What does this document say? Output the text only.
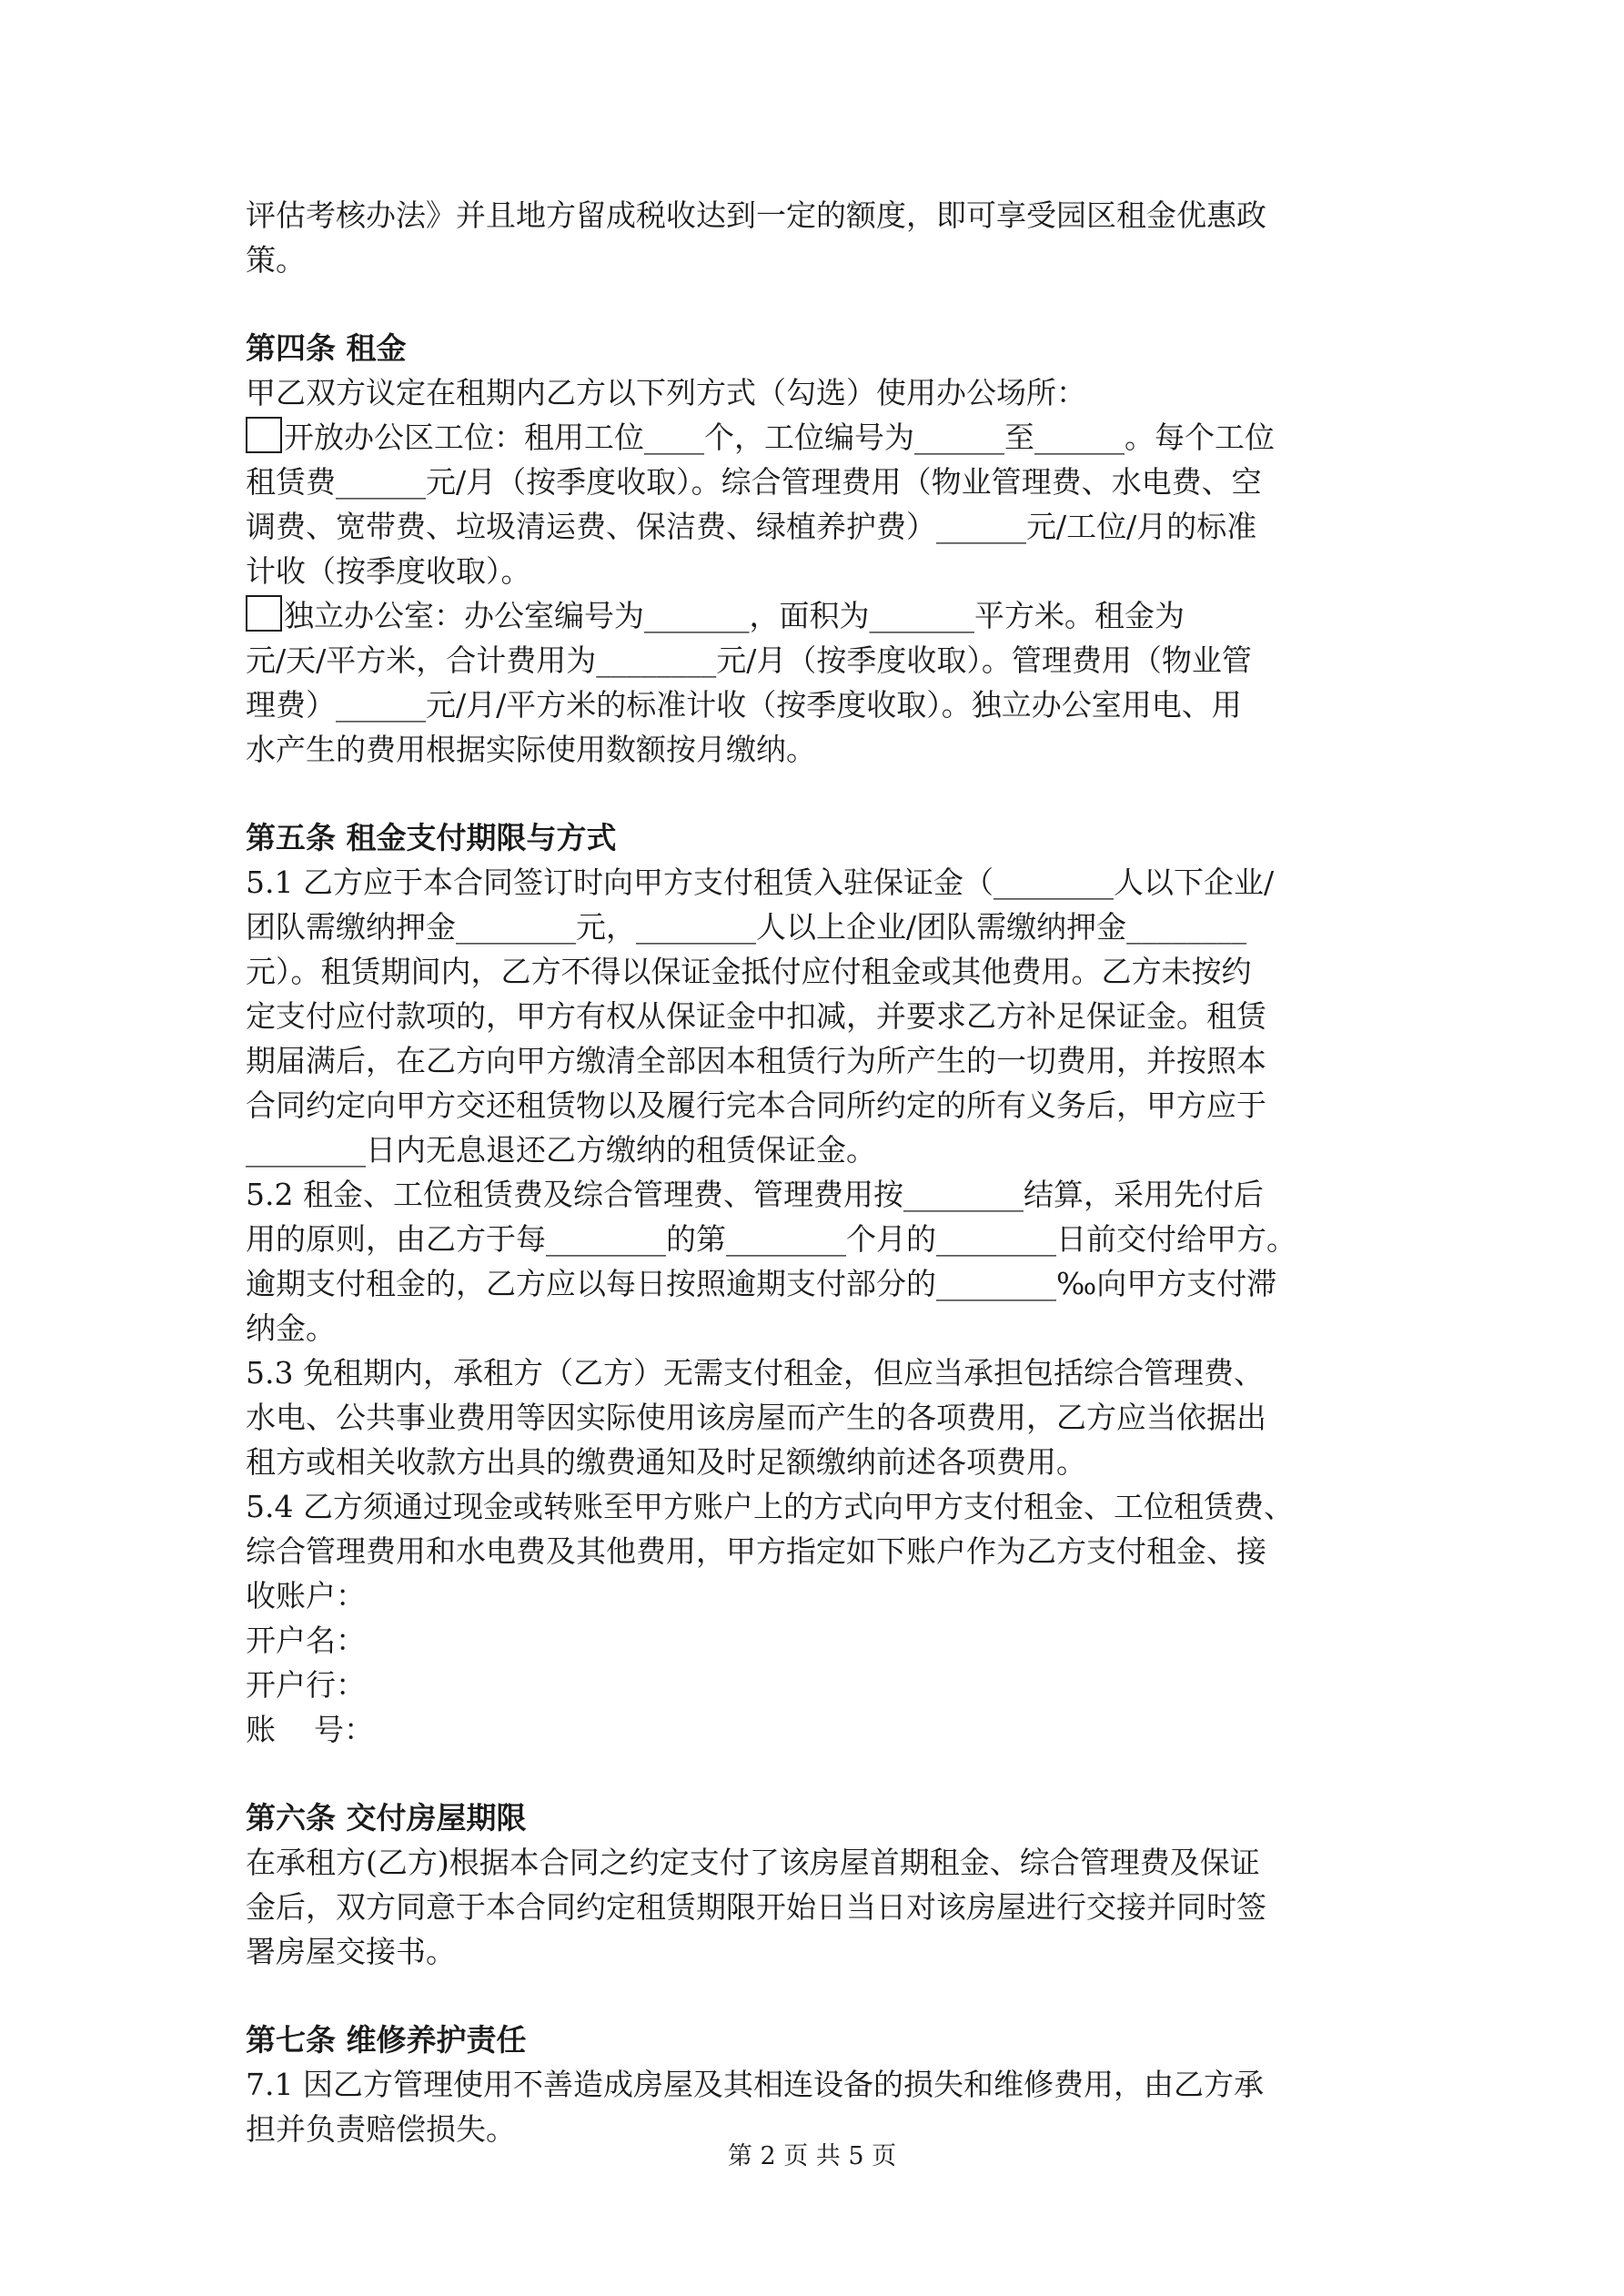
评估考核办法》并且地方留成税收达到一定的额度，即可享受园区租金优惠政

策。

第四条 租金

甲乙双方议定在租期内乙方以下列方式（勾选）使用办公场所：

开放办公区工位：租用工位____个，工位编号为______至______。每个工位

租赁费______元/月（按季度收取）。综合管理费用（物业管理费、水电费、空

调费、宽带费、垃圾清运费、保洁费、绿植养护费）______元/工位/月的标准

计收（按季度收取）。

独立办公室：办公室编号为_______，面积为_______平方米。租金为

元/天/平方米，合计费用为________元/月（按季度收取）。管理费用（物业管

理费）______元/月/平方米的标准计收（按季度收取）。独立办公室用电、用

水产生的费用根据实际使用数额按月缴纳。

第五条 租金支付期限与方式

5.1 乙方应于本合同签订时向甲方支付租赁入驻保证金（________人以下企业/

团队需缴纳押金________元，________人以上企业/团队需缴纳押金________

元）。租赁期间内，乙方不得以保证金抵付应付租金或其他费用。乙方未按约

定支付应付款项的，甲方有权从保证金中扣减，并要求乙方补足保证金。租赁

期届满后，在乙方向甲方缴清全部因本租赁行为所产生的一切费用，并按照本

合同约定向甲方交还租赁物以及履行完本合同所约定的所有义务后，甲方应于

________日内无息退还乙方缴纳的租赁保证金。

5.2 租金、工位租赁费及综合管理费、管理费用按________结算，采用先付后

用的原则，由乙方于每________的第________个月的________日前交付给甲方。

逾期支付租金的，乙方应以每日按照逾期支付部分的________‰向甲方支付滞

纳金。

5.3 免租期内，承租方（乙方）无需支付租金，但应当承担包括综合管理费、

水电、公共事业费用等因实际使用该房屋而产生的各项费用，乙方应当依据出

租方或相关收款方出具的缴费通知及时足额缴纳前述各项费用。

5.4 乙方须通过现金或转账至甲方账户上的方式向甲方支付租金、工位租赁费、

综合管理费用和水电费及其他费用，甲方指定如下账户作为乙方支付租金、接

收账户：

开户名：

开户行：

账    号：

第六条 交付房屋期限

在承租方(乙方)根据本合同之约定支付了该房屋首期租金、综合管理费及保证

金后，双方同意于本合同约定租赁期限开始日当日对该房屋进行交接并同时签

署房屋交接书。

第七条 维修养护责任

7.1 因乙方管理使用不善造成房屋及其相连设备的损失和维修费用，由乙方承

担并负责赔偿损失。

第 2 页 共 5 页
